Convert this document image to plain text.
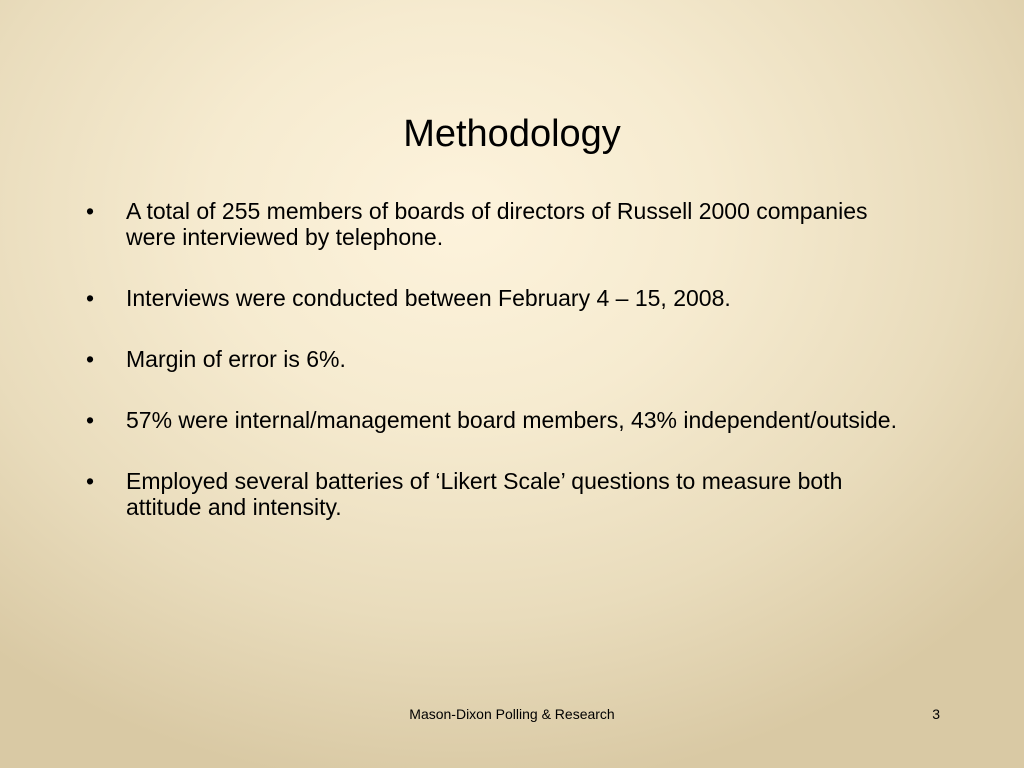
Methodology
• A total of 255 members of boards of directors of Russell 2000 companies were interviewed by telephone.
• Interviews were conducted between February 4 – 15, 2008.
• Margin of error is 6%.
• 57% were internal/management board members, 43% independent/outside.
• Employed several batteries of ‘Likert Scale’ questions to measure both attitude and intensity.
Mason-Dixon Polling & Research	3
